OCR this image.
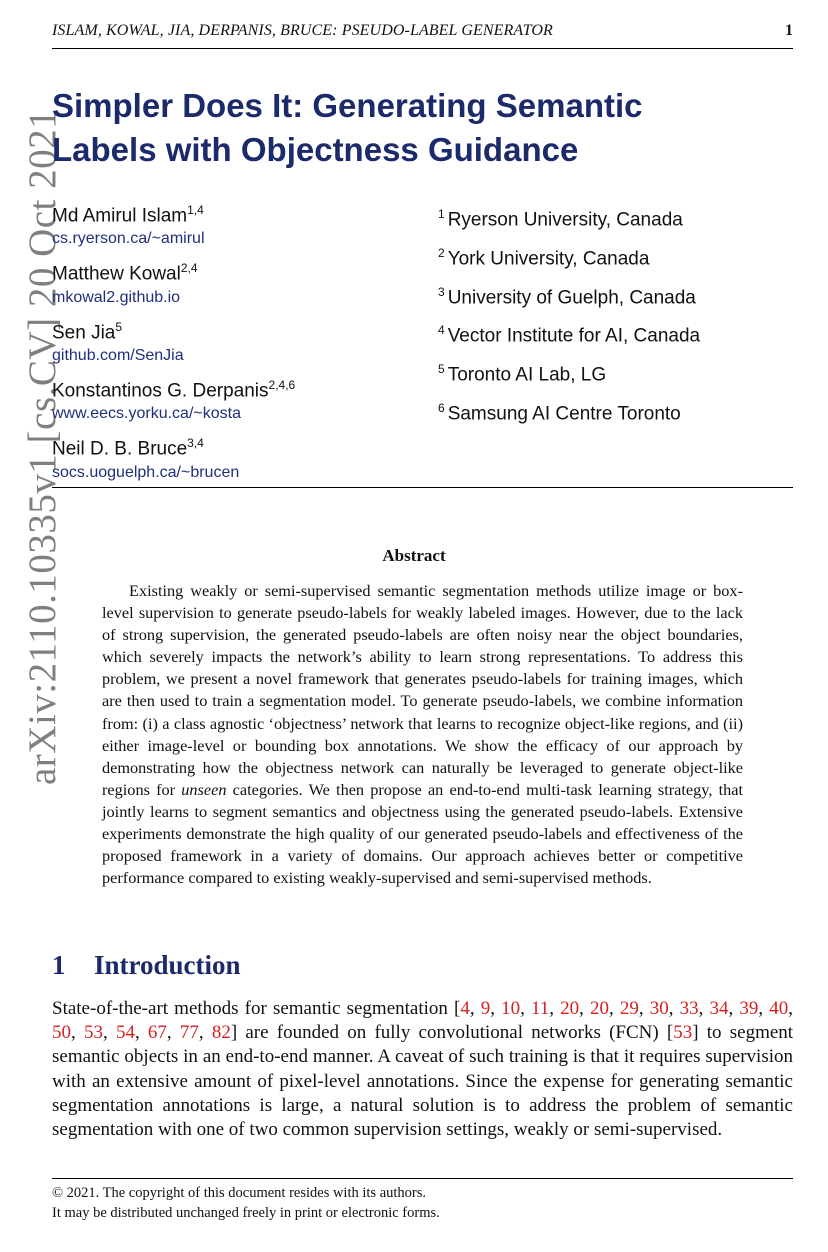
ISLAM, KOWAL, JIA, DERPANIS, BRUCE: PSEUDO-LABEL GENERATOR	1
arXiv:2110.10335v1 [cs.CV] 20 Oct 2021
Simpler Does It: Generating Semantic
Labels with Objectness Guidance
Md Amirul Islam$^{1,4}$
cs.ryerson.ca/~amirul
Matthew Kowal$^{2,4}$
mkowal2.github.io
Sen Jia$^5$
github.com/SenJia
Konstantinos G. Derpanis$^{2,4,6}$
www.eecs.yorku.ca/~kosta
Neil D. B. Bruce$^{3,4}$
socs.uoguelph.ca/~brucen
$^1$ Ryerson University, Canada
$^2$ York University, Canada
$^3$ University of Guelph, Canada
$^4$ Vector Institute for AI, Canada
$^5$ Toronto AI Lab, LG
$^6$ Samsung AI Centre Toronto
Abstract

Existing weakly or semi-supervised semantic segmentation methods utilize image or box-level supervision to generate pseudo-labels for weakly labeled images. However, due to the lack of strong supervision, the generated pseudo-labels are often noisy near the object boundaries, which severely impacts the network’s ability to learn strong representations. To address this problem, we present a novel framework that generates pseudo-labels for training images, which are then used to train a segmentation model. To generate pseudo-labels, we combine information from: (i) a class agnostic ‘objectness’ network that learns to recognize object-like regions, and (ii) either image-level or bounding box annotations. We show the efficacy of our approach by demonstrating how the objectness network can naturally be leveraged to generate object-like regions for unseen categories. We then propose an end-to-end multi-task learning strategy, that jointly learns to segment semantics and objectness using the generated pseudo-labels. Extensive experiments demonstrate the high quality of our generated pseudo-labels and effectiveness of the proposed framework in a variety of domains. Our approach achieves better or competitive performance compared to existing weakly-supervised and semi-supervised methods.

1 Introduction
State-of-the-art methods for semantic segmentation [4, 9, 10, 11, 20, 20, 29, 30, 33, 34, 39, 40, 50, 53, 54, 67, 77, 82] are founded on fully convolutional networks (FCN) [53] to segment semantic objects in an end-to-end manner. A caveat of such training is that it requires supervision with an extensive amount of pixel-level annotations. Since the expense for generating semantic segmentation annotations is large, a natural solution is to address the problem of semantic segmentation with one of two common supervision settings, weakly or semi-supervised.
© 2021. The copyright of this document resides with its authors.
It may be distributed unchanged freely in print or electronic forms.
